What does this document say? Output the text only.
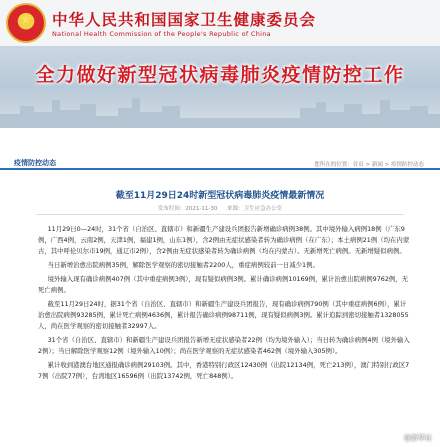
★	中华人民共和国国家卫生健康委员会
National Health Commission of the People's Republic of China
全力做好新型冠状病毒肺炎疫情防控工作
疫情防控动态	您所在的位置：首页 > 新闻 > 疫情防控动态
截至11月29日24时新型冠状病毒肺炎疫情最新情况
发布时间：2021-11-30 来源：卫生应急办公室

11月29日0—24时，31个省（自治区、直辖市）和新疆生产建设兵团报告新增确诊病例38例。其中境外输入病例18例（广东9例，广西4例，云南2例，天津1例，福建1例，山东1例），含2例由无症状感染者转为确诊病例（在广东）；本土病例21例（均在内蒙古，其中呼伦贝尔市19例，通辽市2例），含2例由无症状感染者转为确诊病例（均在内蒙古）。无新增死亡病例。无新增疑似病例。

当日新增治愈出院病例35例，解除医学观察的密切接触者2200人，重症病例较前一日减少1例。

境外输入现有确诊病例407例（其中重症病例3例），现有疑似病例3例。累计确诊病例10169例，累计治愈出院病例9762例，无死亡病例。

截至11月29日24时，据31个省（自治区、直辖市）和新疆生产建设兵团报告，现有确诊病例790例（其中重症病例6例），累计治愈出院病例93285例，累计死亡病例4636例，累计报告确诊病例98711例，现有疑似病例3例。累计追踪到密切接触者1328055人，尚在医学观察的密切接触者32997人。

31个省（自治区、直辖市）和新疆生产建设兵团报告新增无症状感染者22例（均为境外输入）；当日转为确诊病例4例（境外输入2例）；当日解除医学观察12例（境外输入10例）；尚在医学观察的无症状感染者462例（境外输入305例）。

累计收到港澳台地区通报确诊病例29103例。其中，香港特别行政区12430例（出院12134例，死亡213例），澳门特别行政区77例（出院77例），台湾地区16596例（出院13742例，死亡848例）。

@新华社
